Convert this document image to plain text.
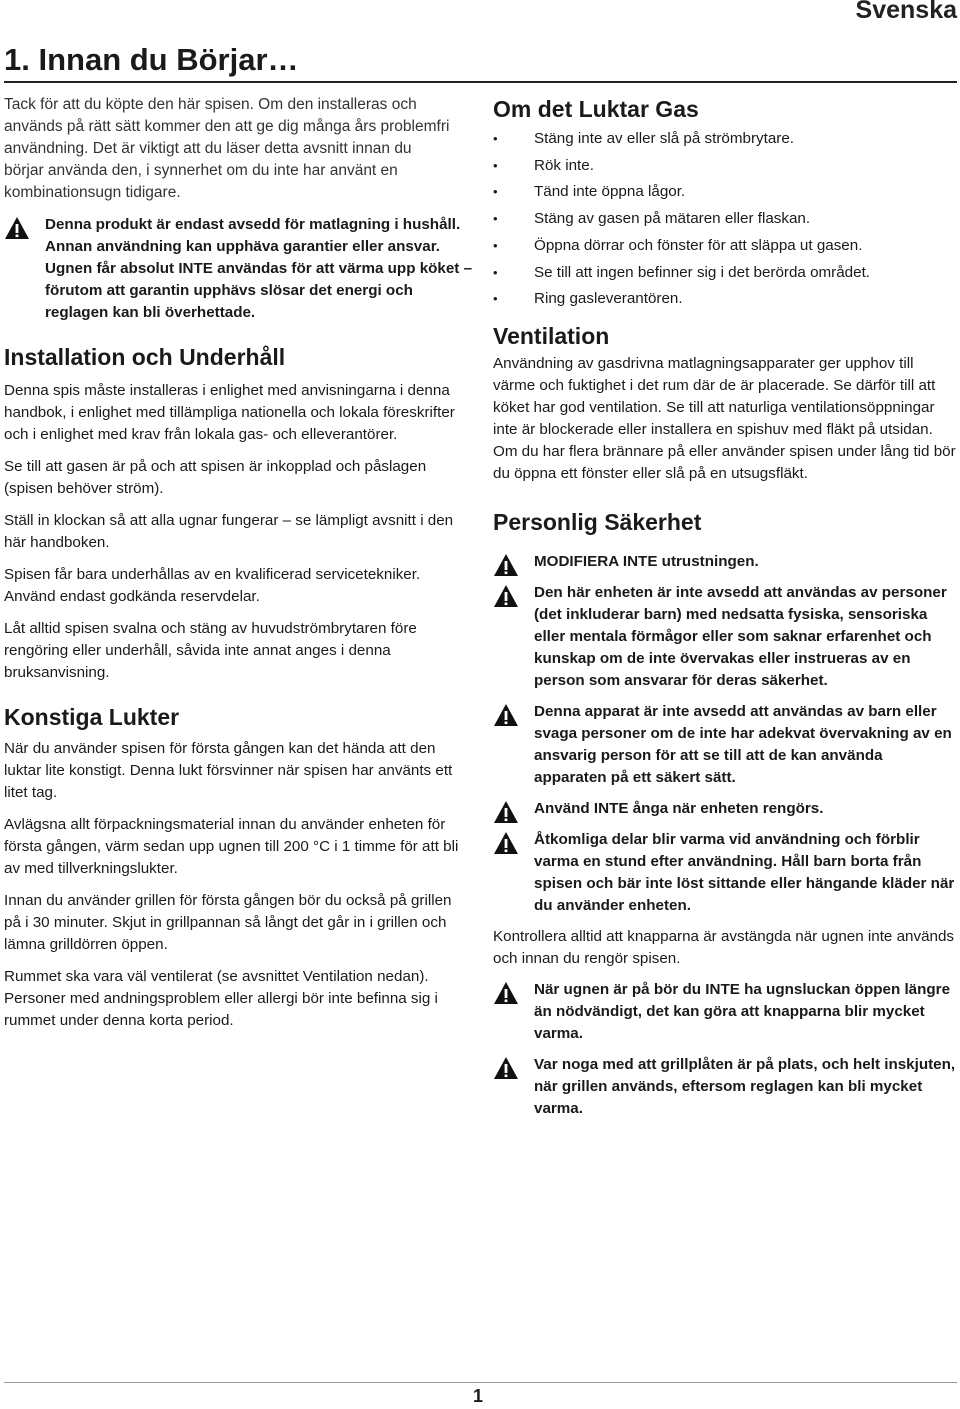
Svenska
1. Innan du Börjar…

Tack för att du köpte den här spisen. Om den installeras och används på rätt sätt kommer den att ge dig många års problemfri användning. Det är viktigt att du läser detta avsnitt innan du börjar använda den, i synnerhet om du inte har använt en kombinationsugn tidigare.

Denna produkt är endast avsedd för matlagning i hushåll. Annan användning kan upphäva garantier eller ansvar. Ugnen får absolut INTE användas för att värma upp köket – förutom att garantin upphävs slösar det energi och reglagen kan bli överhettade.
Installation och Underhåll

Denna spis måste installeras i enlighet med anvisningarna i denna handbok, i enlighet med tillämpliga nationella och lokala föreskrifter och i enlighet med krav från lokala gas- och elleverantörer.

Se till att gasen är på och att spisen är inkopplad och påslagen (spisen behöver ström).

Ställ in klockan så att alla ugnar fungerar – se lämpligt avsnitt i den här handboken.

Spisen får bara underhållas av en kvalificerad servicetekniker. Använd endast godkända reservdelar.

Låt alltid spisen svalna och stäng av huvudströmbrytaren före rengöring eller underhåll, såvida inte annat anges i denna bruksanvisning.

Konstiga Lukter

När du använder spisen för första gången kan det hända att den luktar lite konstigt. Denna lukt försvinner när spisen har använts ett litet tag.

Avlägsna allt förpackningsmaterial innan du använder enheten för första gången, värm sedan upp ugnen till 200 °C i 1 timme för att bli av med tillverkningslukter.

Innan du använder grillen för första gången bör du också på grillen på i 30 minuter. Skjut in grillpannan så långt det går in i grillen och lämna grilldörren öppen.

Rummet ska vara väl ventilerat (se avsnittet Ventilation nedan). Personer med andningsproblem eller allergi bör inte befinna sig i rummet under denna korta period.

Om det Luktar Gas
• Stäng inte av eller slå på strömbrytare.
• Rök inte.
• Tänd inte öppna lågor.
• Stäng av gasen på mätaren eller flaskan.
• Öppna dörrar och fönster för att släppa ut gasen.
• Se till att ingen befinner sig i det berörda området.
• Ring gasleverantören.
Ventilation

Användning av gasdrivna matlagningsapparater ger upphov till värme och fuktighet i det rum där de är placerade. Se därför till att köket har god ventilation. Se till att naturliga ventilationsöppningar inte är blockerade eller installera en spishuv med fläkt på utsidan. Om du har flera brännare på eller använder spisen under lång tid bör du öppna ett fönster eller slå på en utsugsfläkt.

Personlig Säkerhet
MODIFIERA INTE utrustningen.
Den här enheten är inte avsedd att användas av personer (det inkluderar barn) med nedsatta fysiska, sensoriska eller mentala förmågor eller som saknar erfarenhet och kunskap om de inte övervakas eller instrueras av en person som ansvarar för deras säkerhet.
Denna apparat är inte avsedd att användas av barn eller svaga personer om de inte har adekvat övervakning av en ansvarig person för att se till att de kan använda apparaten på ett säkert sätt.
Använd INTE ånga när enheten rengörs.
Åtkomliga delar blir varma vid användning och förblir varma en stund efter användning. Håll barn borta från spisen och bär inte löst sittande eller hängande kläder när du använder enheten.

Kontrollera alltid att knapparna är avstängda när ugnen inte används och innan du rengör spisen.

När ugnen är på bör du INTE ha ugnsluckan öppen längre än nödvändigt, det kan göra att knapparna blir mycket varma.
Var noga med att grillplåten är på plats, och helt inskjuten, när grillen används, eftersom reglagen kan bli mycket varma.
1
